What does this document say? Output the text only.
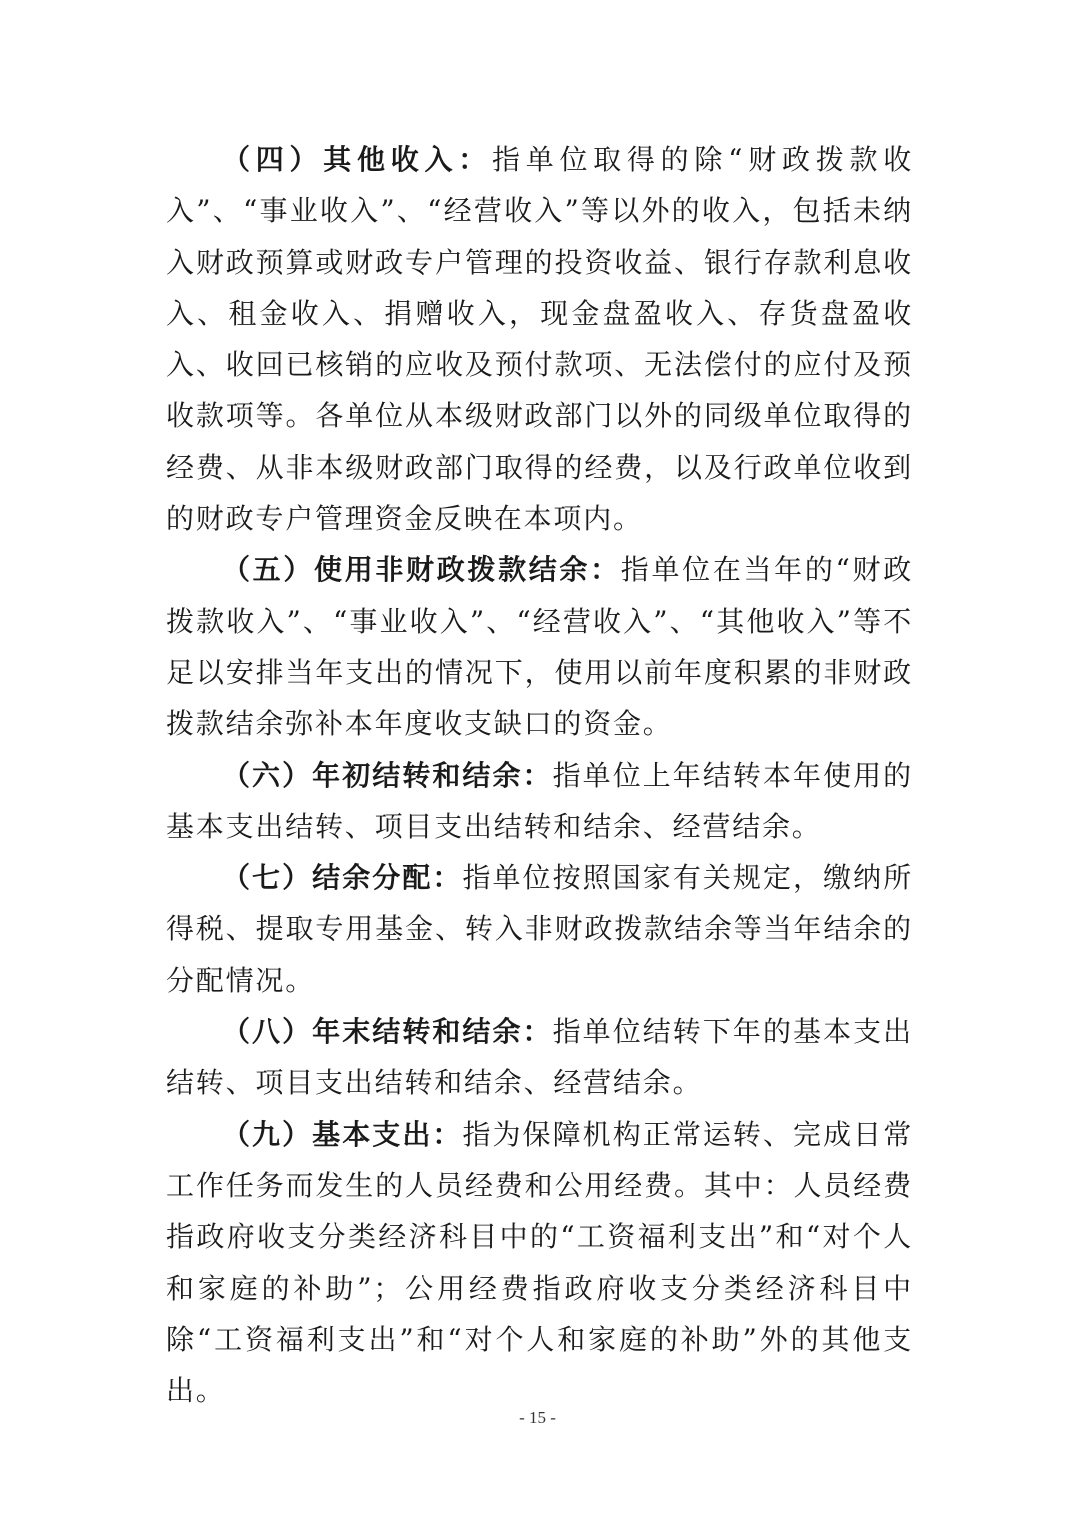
（四）其他收入：指单位取得的除“财政拨款收入”、“事业收入”、“经营收入”等以外的收入，包括未纳入财政预算或财政专户管理的投资收益、银行存款利息收入、租金收入、捐赠收入，现金盘盈收入、存货盘盈收入、收回已核销的应收及预付款项、无法偿付的应付及预收款项等。各单位从本级财政部门以外的同级单位取得的经费、从非本级财政部门取得的经费，以及行政单位收到的财政专户管理资金反映在本项内。

（五）使用非财政拨款结余：指单位在当年的“财政拨款收入”、“事业收入”、“经营收入”、“其他收入”等不足以安排当年支出的情况下，使用以前年度积累的非财政拨款结余弥补本年度收支缺口的资金。

（六）年初结转和结余：指单位上年结转本年使用的基本支出结转、项目支出结转和结余、经营结余。

（七）结余分配：指单位按照国家有关规定，缴纳所得税、提取专用基金、转入非财政拨款结余等当年结余的分配情况。

（八）年末结转和结余：指单位结转下年的基本支出结转、项目支出结转和结余、经营结余。

（九）基本支出：指为保障机构正常运转、完成日常工作任务而发生的人员经费和公用经费。其中：人员经费指政府收支分类经济科目中的“工资福利支出”和“对个人和家庭的补助”；公用经费指政府收支分类经济科目中除“工资福利支出”和“对个人和家庭的补助”外的其他支出。

- 15 -
